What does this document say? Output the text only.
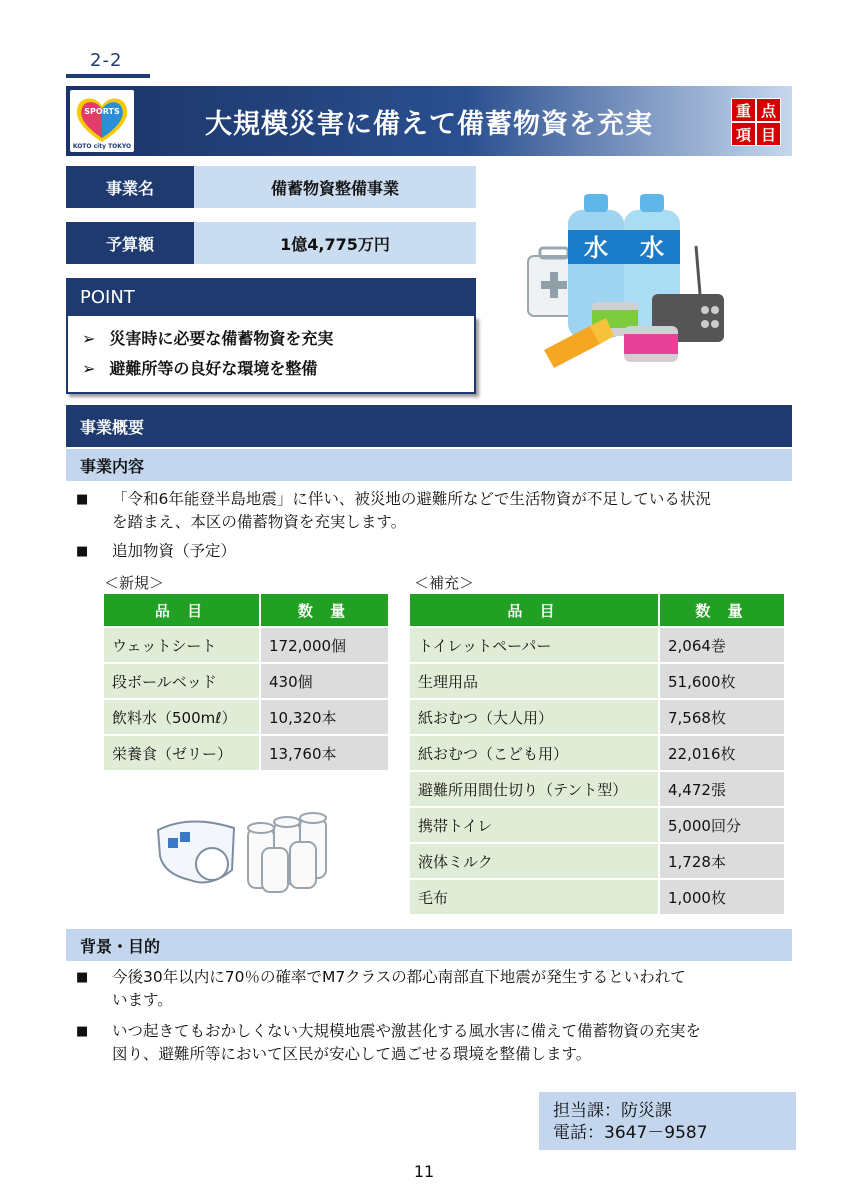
2-2
大規模災害に備えて備蓄物資を充実
SPORTS
KOTO city TOKYO
重 点
項 目
事業名	備蓄物資整備事業
予算額	1億4,775万円
POINT
➢ 災害時に必要な備蓄物資を充実
➢ 避難所等の良好な環境を整備
水 水
事業概要
事業内容
■	「令和6年能登半島地震」に伴い、被災地の避難所などで生活物資が不足している状況
を踏まえ、本区の備蓄物資を充実します。
■	追加物資（予定）
＜新規＞
品 目	数 量
ウェットシート	172,000個
段ボールベッド	430個
飲料水（500mℓ）	10,320本
栄養食（ゼリー）	13,760本
＜補充＞
品 目	数 量
トイレットペーパー	2,064巻
生理用品	51,600枚
紙おむつ（大人用）	7,568枚
紙おむつ（こども用）	22,016枚
避難所用間仕切り（テント型）	4,472張
携帯トイレ	5,000回分
液体ミルク	1,728本
毛布	1,000枚
背景・目的
■	今後30年以内に70％の確率でM7クラスの都心南部直下地震が発生するといわれて
います。
■	いつ起きてもおかしくない大規模地震や激甚化する風水害に備えて備蓄物資の充実を
図り、避難所等において区民が安心して過ごせる環境を整備します。
担当課：防災課
電話：3647－9587
11
